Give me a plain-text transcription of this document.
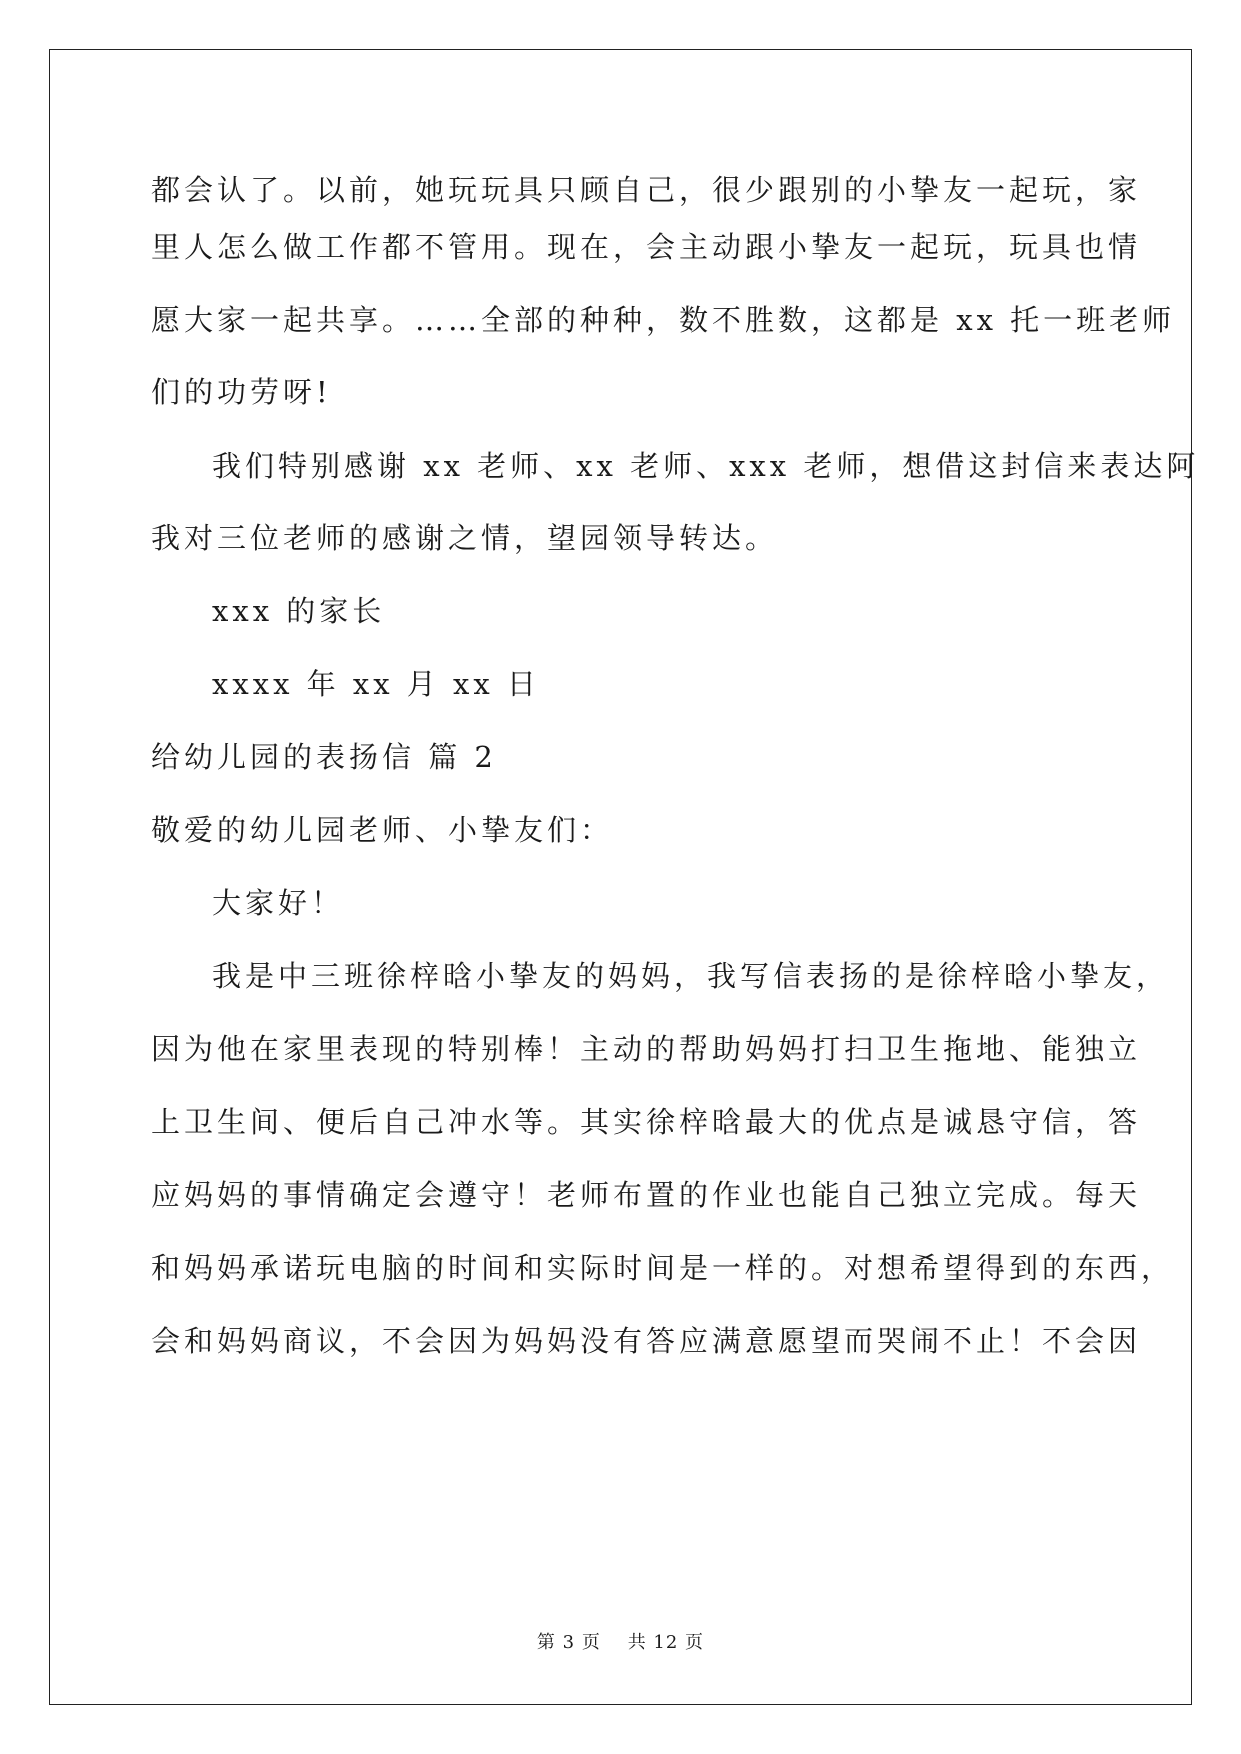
都会认了。以前，她玩玩具只顾自己，很少跟别的小挚友一起玩，家
里人怎么做工作都不管用。现在，会主动跟小挚友一起玩，玩具也情
愿大家一起共享。……全部的种种，数不胜数，这都是 xx 托一班老师
们的功劳呀!
我们特别感谢 xx 老师、xx 老师、xxx 老师，想借这封信来表达阿
我对三位老师的感谢之情，望园领导转达。
xxx 的家长
xxxx 年 xx 月 xx 日
给幼儿园的表扬信 篇 2
敬爱的幼儿园老师、小挚友们：
大家好！
我是中三班徐梓晗小挚友的妈妈，我写信表扬的是徐梓晗小挚友，
因为他在家里表现的特别棒！主动的帮助妈妈打扫卫生拖地、能独立
上卫生间、便后自己冲水等。其实徐梓晗最大的优点是诚恳守信，答
应妈妈的事情确定会遵守！老师布置的作业也能自己独立完成。每天
和妈妈承诺玩电脑的时间和实际时间是一样的。对想希望得到的东西，
会和妈妈商议，不会因为妈妈没有答应满意愿望而哭闹不止！不会因
第 3 页    共 12 页
